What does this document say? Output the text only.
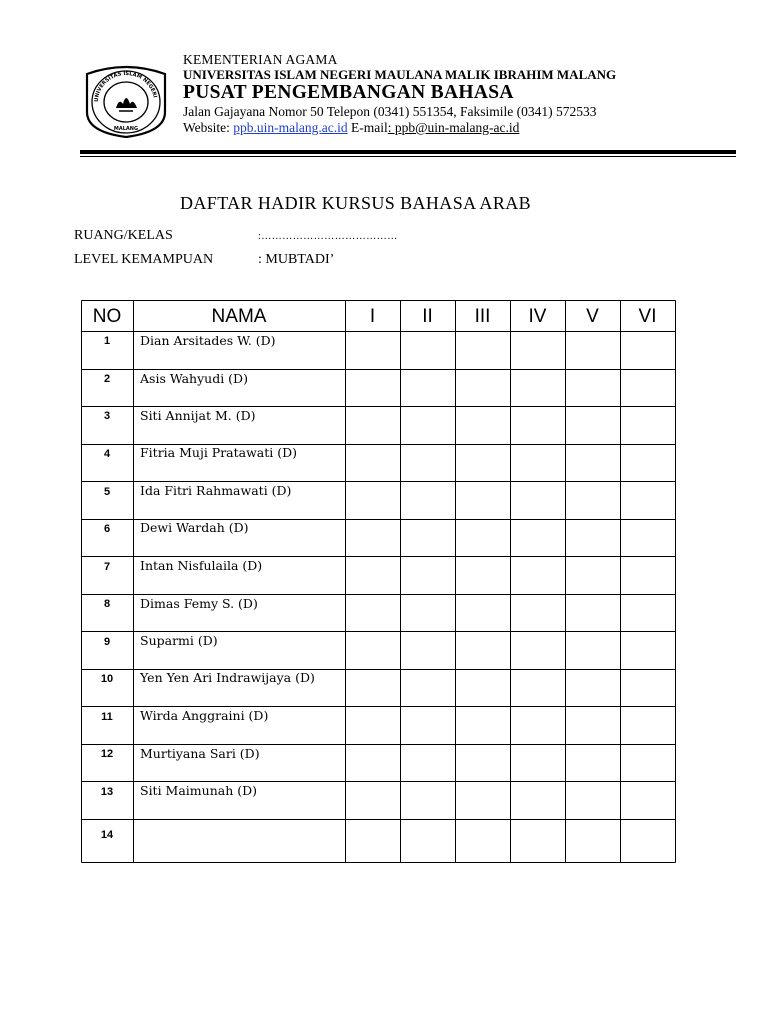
UNIVERSITAS ISLAM NEGERI
MALANG
KEMENTERIAN AGAMA
UNIVERSITAS ISLAM NEGERI MAULANA MALIK IBRAHIM MALANG
PUSAT PENGEMBANGAN BAHASA
Jalan Gajayana Nomor 50 Telepon (0341) 551354, Faksimile (0341) 572533
Website: ppb.uin-malang.ac.id E-mail: ppb@uin-malang-ac.id
DAFTAR HADIR KURSUS BAHASA ARAB
RUANG/KELAS	:…………………………………
LEVEL KEMAMPUAN	: MUBTADI’
NO	NAMA	I	II	III	IV	V	VI
1	Dian Arsitades W. (D)
2	Asis Wahyudi (D)
3	Siti Annijat M. (D)
4	Fitria Muji Pratawati (D)
5	Ida Fitri Rahmawati (D)
6	Dewi Wardah (D)
7	Intan Nisfulaila (D)
8	Dimas Femy S. (D)
9	Suparmi (D)
10	Yen Yen Ari Indrawijaya (D)
11	Wirda Anggraini (D)
12	Murtiyana Sari (D)
13	Siti Maimunah (D)
14
